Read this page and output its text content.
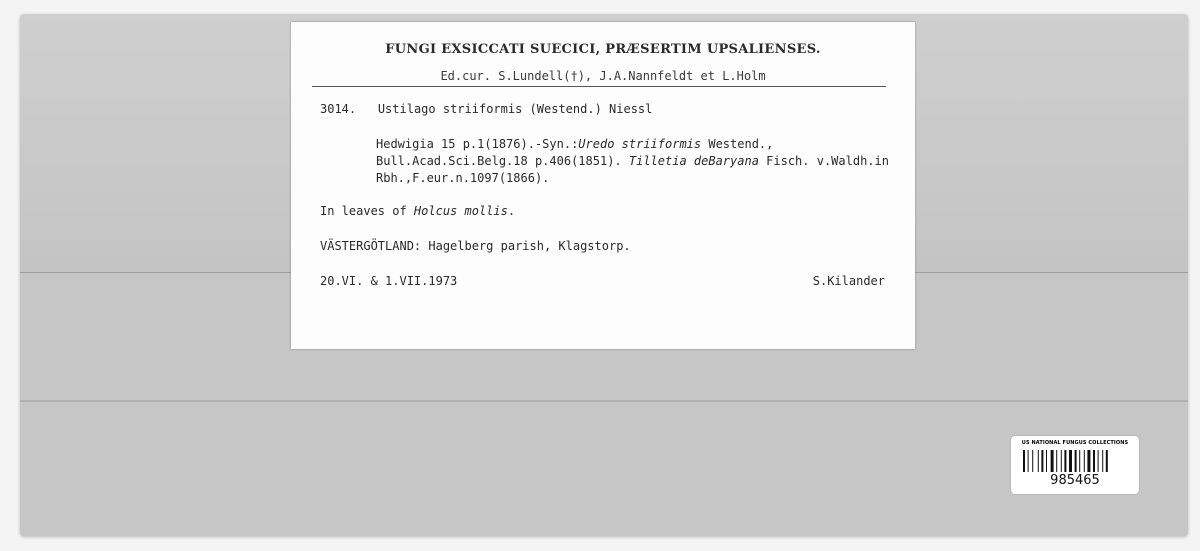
FUNGI EXSICCATI SUECICI, PRÆSERTIM UPSALIENSES.
Ed.cur. S.Lundell(†), J.A.Nannfeldt et L.Holm
3014. Ustilago striiformis (Westend.) Niessl
Hedwigia 15 p.1(1876).-Syn.:Uredo striiformis Westend., Bull.Acad.Sci.Belg.18 p.406(1851). Tilletia deBaryana Fisch. v.Waldh.in Rbh.,F.eur.n.1097(1866).
In leaves of Holcus mollis.
VÄSTERGÖTLAND: Hagelberg parish, Klagstorp.
20.VI. & 1.VII.1973	S.Kilander
US NATIONAL FUNGUS COLLECTIONS
985465
